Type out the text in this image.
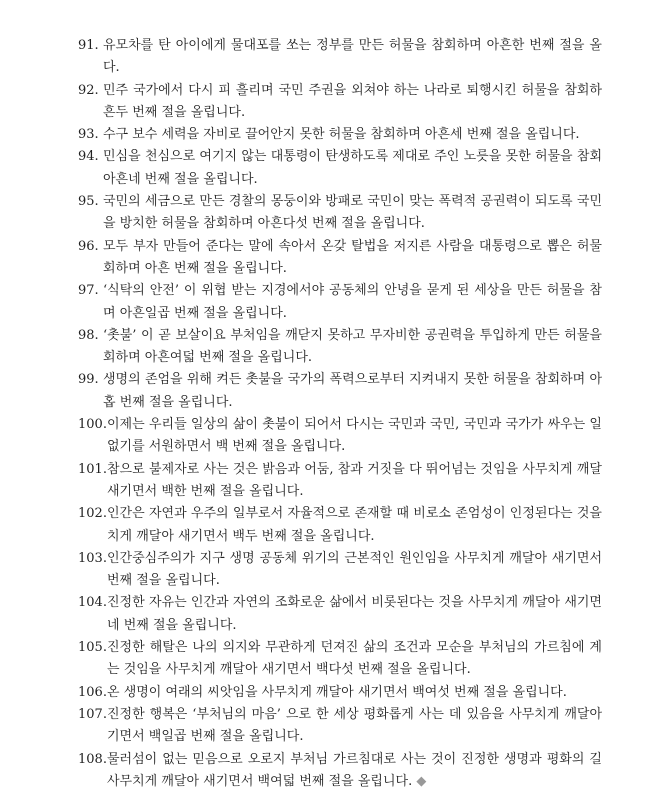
91. 유모차를 탄 아이에게 물대포를 쏘는 정부를 만든 허물을 참회하며 아흔한 번째 절을 올
다.
92. 민주 국가에서 다시 피 흘리며 국민 주권을 외쳐야 하는 나라로 퇴행시킨 허물을 참회하
흔두 번째 절을 올립니다.
93. 수구 보수 세력을 자비로 끌어안지 못한 허물을 참회하며 아흔세 번째 절을 올립니다.
94. 민심을 천심으로 여기지 않는 대통령이 탄생하도록 제대로 주인 노릇을 못한 허물을 참회
아흔네 번째 절을 올립니다.
95. 국민의 세금으로 만든 경찰의 몽둥이와 방패로 국민이 맞는 폭력적 공권력이 되도록 국민
을 방치한 허물을 참회하며 아흔다섯 번째 절을 올립니다.
96. 모두 부자 만들어 준다는 말에 속아서 온갖 탈법을 저지른 사람을 대통령으로 뽑은 허물
회하며 아흔 번째 절을 올립니다.
97. ‘식탁의 안전’ 이 위협 받는 지경에서야 공동체의 안녕을 묻게 된 세상을 만든 허물을 참
며 아흔일곱 번째 절을 올립니다.
98. ‘촛불’ 이 곧 보살이요 부처임을 깨닫지 못하고 무자비한 공권력을 투입하게 만든 허물을
회하며 아흔여덟 번째 절을 올립니다.
99. 생명의 존엄을 위해 켜든 촛불을 국가의 폭력으로부터 지켜내지 못한 허물을 참회하며 아
홉 번째 절을 올립니다.
100. 이제는 우리들 일상의 삶이 촛불이 되어서 다시는 국민과 국민, 국민과 국가가 싸우는 일
없기를 서원하면서 백 번째 절을 올립니다.
101. 참으로 불제자로 사는 것은 밝음과 어둠, 참과 거짓을 다 뛰어넘는 것임을 사무치게 깨달
새기면서 백한 번째 절을 올립니다.
102. 인간은 자연과 우주의 일부로서 자율적으로 존재할 때 비로소 존엄성이 인정된다는 것을
치게 깨달아 새기면서 백두 번째 절을 올립니다.
103. 인간중심주의가 지구 생명 공동체 위기의 근본적인 원인임을 사무치게 깨달아 새기면서
번째 절을 올립니다.
104. 진정한 자유는 인간과 자연의 조화로운 삶에서 비롯된다는 것을 사무치게 깨달아 새기면
네 번째 절을 올립니다.
105. 진정한 해탈은 나의 의지와 무관하게 던져진 삶의 조건과 모순을 부처님의 가르침에 계
는 것임을 사무치게 깨달아 새기면서 백다섯 번째 절을 올립니다.
106. 온 생명이 여래의 씨앗임을 사무치게 깨달아 새기면서 백여섯 번째 절을 올립니다.
107. 진정한 행복은 ‘부처님의 마음’ 으로 한 세상 평화롭게 사는 데 있음을 사무치게 깨달아
기면서 백일곱 번째 절을 올립니다.
108. 물러섬이 없는 믿음으로 오로지 부처님 가르침대로 사는 것이 진정한 생명과 평화의 길
사무치게 깨달아 새기면서 백여덟 번째 절을 올립니다. ◆
